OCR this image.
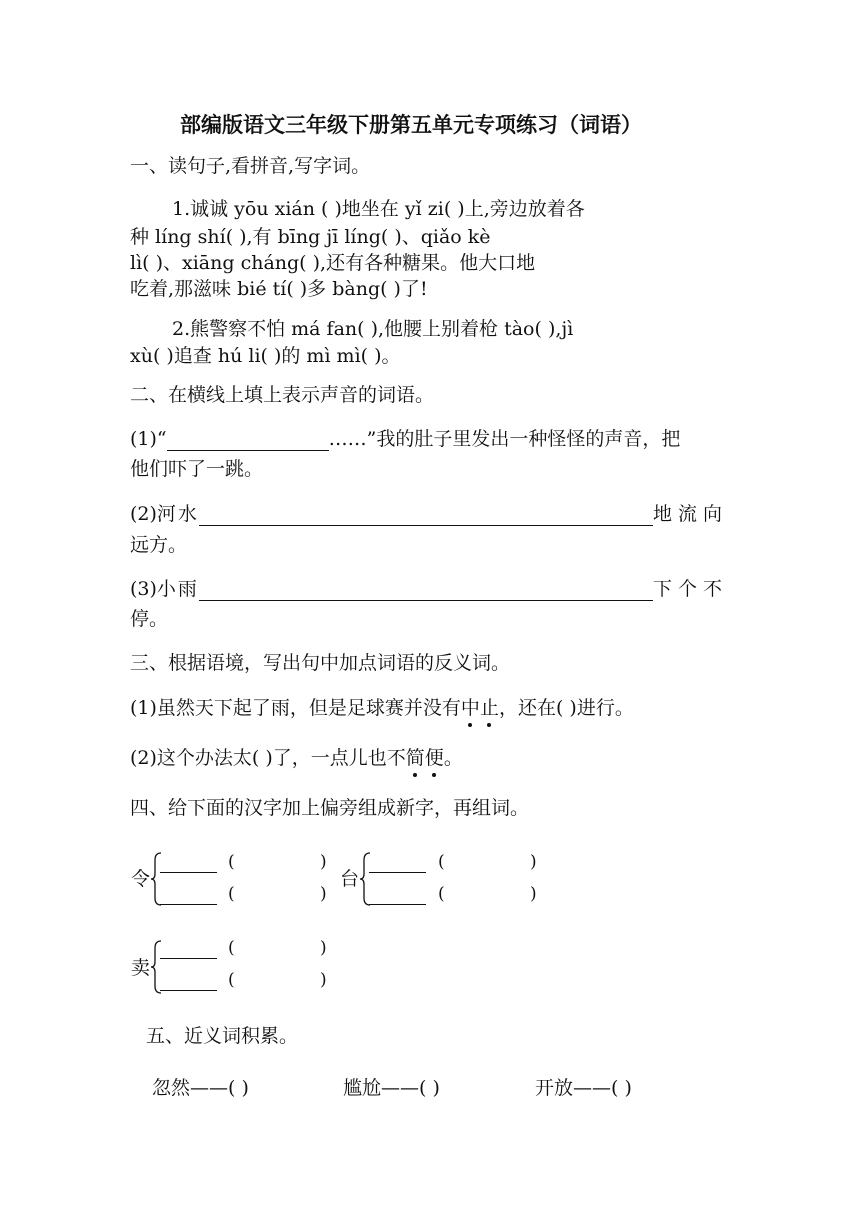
部编版语文三年级下册第五单元专项练习（词语）
一、读句子,看拼音,写字词。
1.诚诚 yōu xián ( )地坐在 yǐ zi( )上,旁边放着各
种 líng shí( ),有 bīng jī líng( )、qiǎo kè
lì( )、xiāng cháng( ),还有各种糖果。他大口地
吃着,那滋味 bié tí( )多 bàng( )了!
2.熊警察不怕 má fan( ),他腰上别着枪 tào( ),jì
xù( )追查 hú li( )的 mì mì( )。
二、在横线上填上表示声音的词语。
(1)“	……”我的肚子里发出一种怪怪的声音，把
他们吓了一跳。
(2)河水	地流向
远方。
(3)小雨	下个不
停。
三、根据语境，写出句中加点词语的反义词。
(1)虽然天下起了雨，但是足球赛并没有中止，还在( )进行。
(2)这个办法太( )了，一点儿也不简便。
四、给下面的汉字加上偏旁组成新字，再组词。
令
(	)
(	)
台
(	)
(	)
卖
(	)
(	)
五、近义词积累。
忽然——( )	尴尬——( )	开放——( )
